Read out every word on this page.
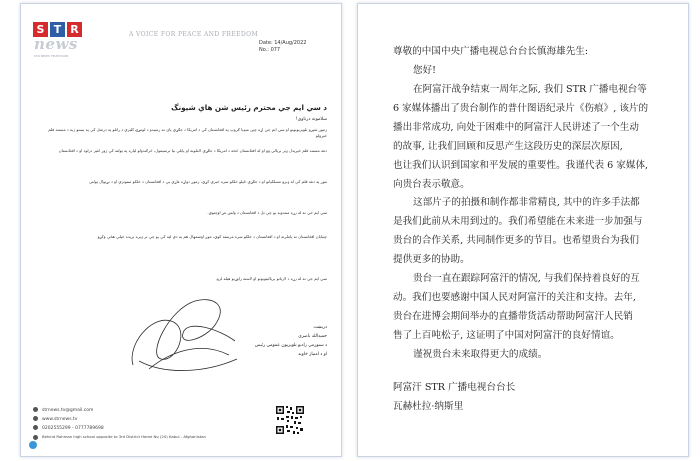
S T R
news
STR NEWS TELEVISION
A VOICE FOR PEACE AND FREEDOM
Date: 14/Aug/2022
No.: 077
د سي ايم جي محترم رئيس شن هاي شيونگ
سلامونه درناوی!
زموږ شپږو تلويزيونونو او سي ايم جي اړه چين ميډيا ګروپ په افغانستان کې د امريکا د جګړې پای ته رسيدو د لومړۍ کلیزې د راتلو په درشل کې په پښتو ژبه د مستند فلم خپرولو
دغه مستند فلم خپرېدل ډېر بريالي وو او له افغانستان څخه د امريکا د جګړې لاملونه او پايلې بيا ترسيمول، څرګندولو لپاره په ټولنه کې ژور اغېز درلود او د افغانستان
موږ په دغه فلم کې له ډېرو مسلکيانو او د جګړې ځپلو خلکو سره خبرې کړي، زموږ دواړه غاړې يې د افغانستان د خلکو ستونزې او د نړيوال ټولنې
سي ايم جي ته له زړه منندويه يو چې تل د افغانستان د ولس غږ اوچتوي.
چينايان افغانستان ته پاملرنه او د افغانستان د خلکو سره مرسته کوي، موږ اوسمهال هم په دې لټه کې يو چې تر ډېره بريده خپلې هڅې وکړو
سي ايم جي ته له زړه د لازياتو بريالیتوبونو او لاسته راوړنو هيله لرو.
درنښت
حميدالله ناصري
د ستورمې رادیو تلویزیون عمومي رئيس
او د امتیاز خاوند
strnews.tv@gmail.com
www.strnews.tv
0202555299 - 0777789698
Behind Rahman high school opposite to 3rd District Home No (20) Kabul - Afghanistan
尊敬的中国中央广播电视总台台长慎海雄先生:
您好!
在阿富汗战争结束一周年之际, 我们 STR 广播电视台等
6 家媒体播出了贵台制作的普什图语纪录片《伤痕》, 该片的
播出非常成功, 向处于困难中的阿富汗人民讲述了一个生动
的故事, 让我们回顾和反思产生这段历史的深层次原因,
也让我们认识到国家和平发展的重要性。我谨代表 6 家媒体,
向贵台表示敬意。
这部片子的拍摄和制作都非常精良, 其中的许多手法都
是我们此前从未用到过的。我们希望能在未来进一步加强与
贵台的合作关系, 共同制作更多的节目。也希望贵台为我们
提供更多的协助。
贵台一直在跟踪阿富汗的情况, 与我们保持着良好的互
动。我们也要感谢中国人民对阿富汗的关注和支持。去年,
贵台在进博会期间举办的直播带货活动帮助阿富汗人民销
售了上百吨松子, 这证明了中国对阿富汗的良好情谊。
谨祝贵台未来取得更大的成绩。
阿富汗 STR 广播电视台台长
瓦赫杜拉·纳斯里
